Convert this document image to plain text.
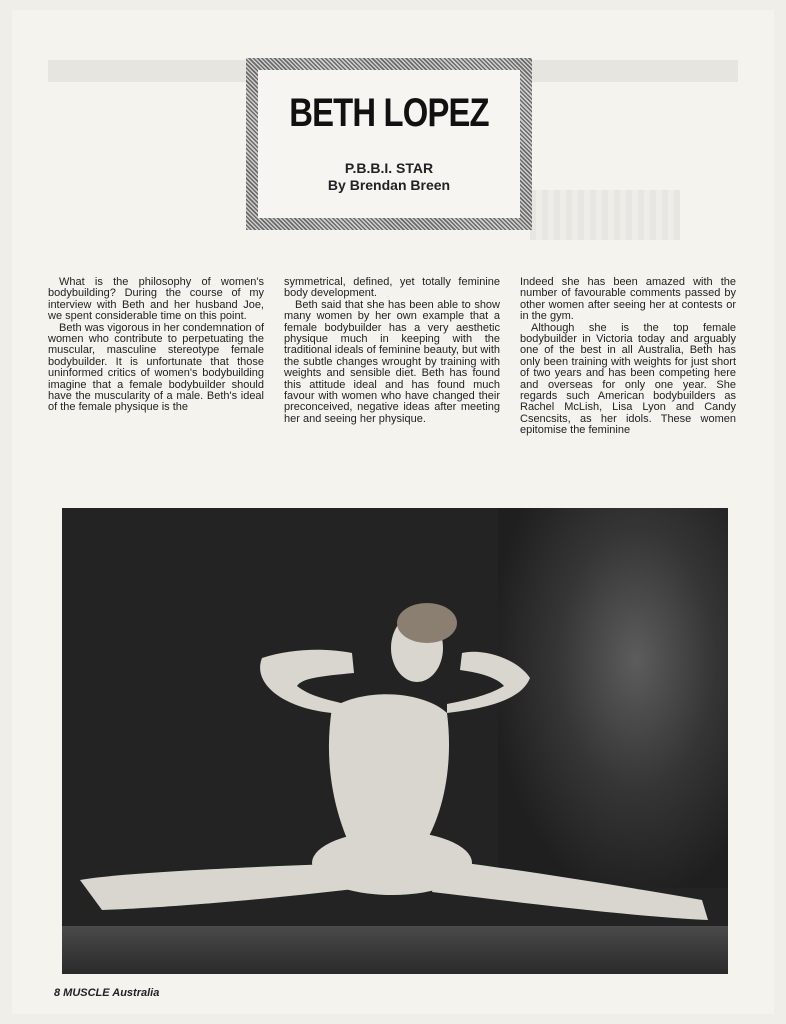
BETH LOPEZ
P.B.B.I. STAR
By Brendan Breen

What is the philosophy of women's bodybuilding? During the course of my interview with Beth and her husband Joe, we spent considerable time on this point.

Beth was vigorous in her condemnation of women who contribute to perpetuating the muscular, masculine stereotype female bodybuilder. It is unfortunate that those uninformed critics of women's bodybuilding imagine that a female bodybuilder should have the muscularity of a male. Beth's ideal of the female physique is the

symmetrical, defined, yet totally feminine body development.

Beth said that she has been able to show many women by her own example that a female bodybuilder has a very aesthetic physique much in keeping with the traditional ideals of feminine beauty, but with the subtle changes wrought by training with weights and sensible diet. Beth has found this attitude ideal and has found much favour with women who have changed their preconceived, negative ideas after meeting her and seeing her physique.

Indeed she has been amazed with the number of favourable comments passed by other women after seeing her at contests or in the gym.

Although she is the top female bodybuilder in Victoria today and arguably one of the best in all Australia, Beth has only been training with weights for just short of two years and has been competing here and overseas for only one year. She regards such American bodybuilders as Rachel McLish, Lisa Lyon and Candy Csencsits, as her idols. These women epitomise the feminine

8 MUSCLE Australia
